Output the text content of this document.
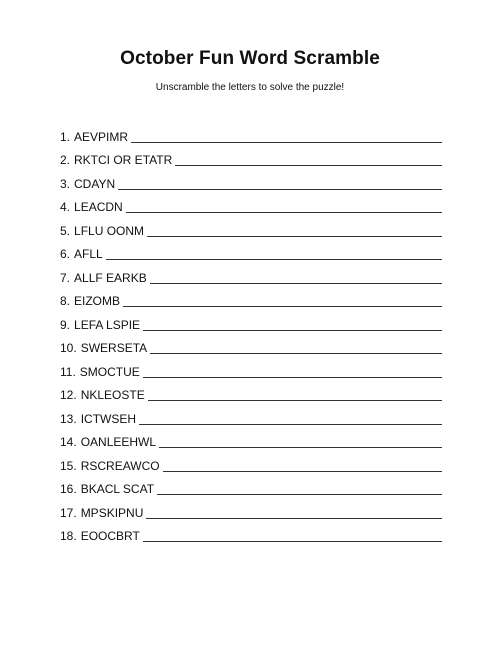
October Fun Word Scramble
Unscramble the letters to solve the puzzle!
1. AEVPIMR
2. RKTCI OR ETATR
3. CDAYN
4. LEACDN
5. LFLU OONM
6. AFLL
7. ALLF EARKB
8. EIZOMB
9. LEFA LSPIE
10. SWERSETA
11. SMOCTUE
12. NKLEOSTE
13. ICTWSEH
14. OANLEEHWL
15. RSCREAWCO
16. BKACL SCAT
17. MPSKIPNU
18. EOOCBRT
